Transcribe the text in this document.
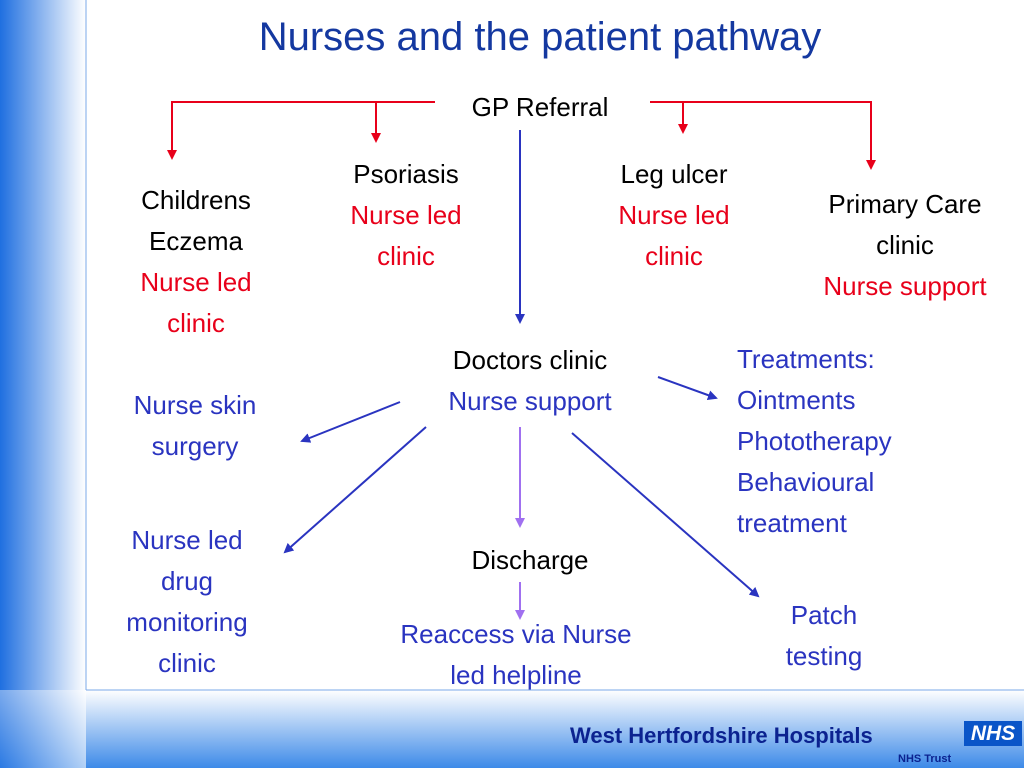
Nurses and the patient pathway
GP Referral
Childrens
Eczema
Nurse led
clinic
Psoriasis
Nurse led
clinic
Leg ulcer
Nurse led
clinic
Primary Care
clinic
Nurse support
Doctors clinic
Nurse support
Treatments:
Ointments
Phototherapy
Behavioural
treatment
Nurse skin
surgery
Nurse led
drug
monitoring
clinic
Discharge
Reaccess via Nurse
led helpline
Patch
testing
West Hertfordshire Hospitals	NHS
NHS Trust
